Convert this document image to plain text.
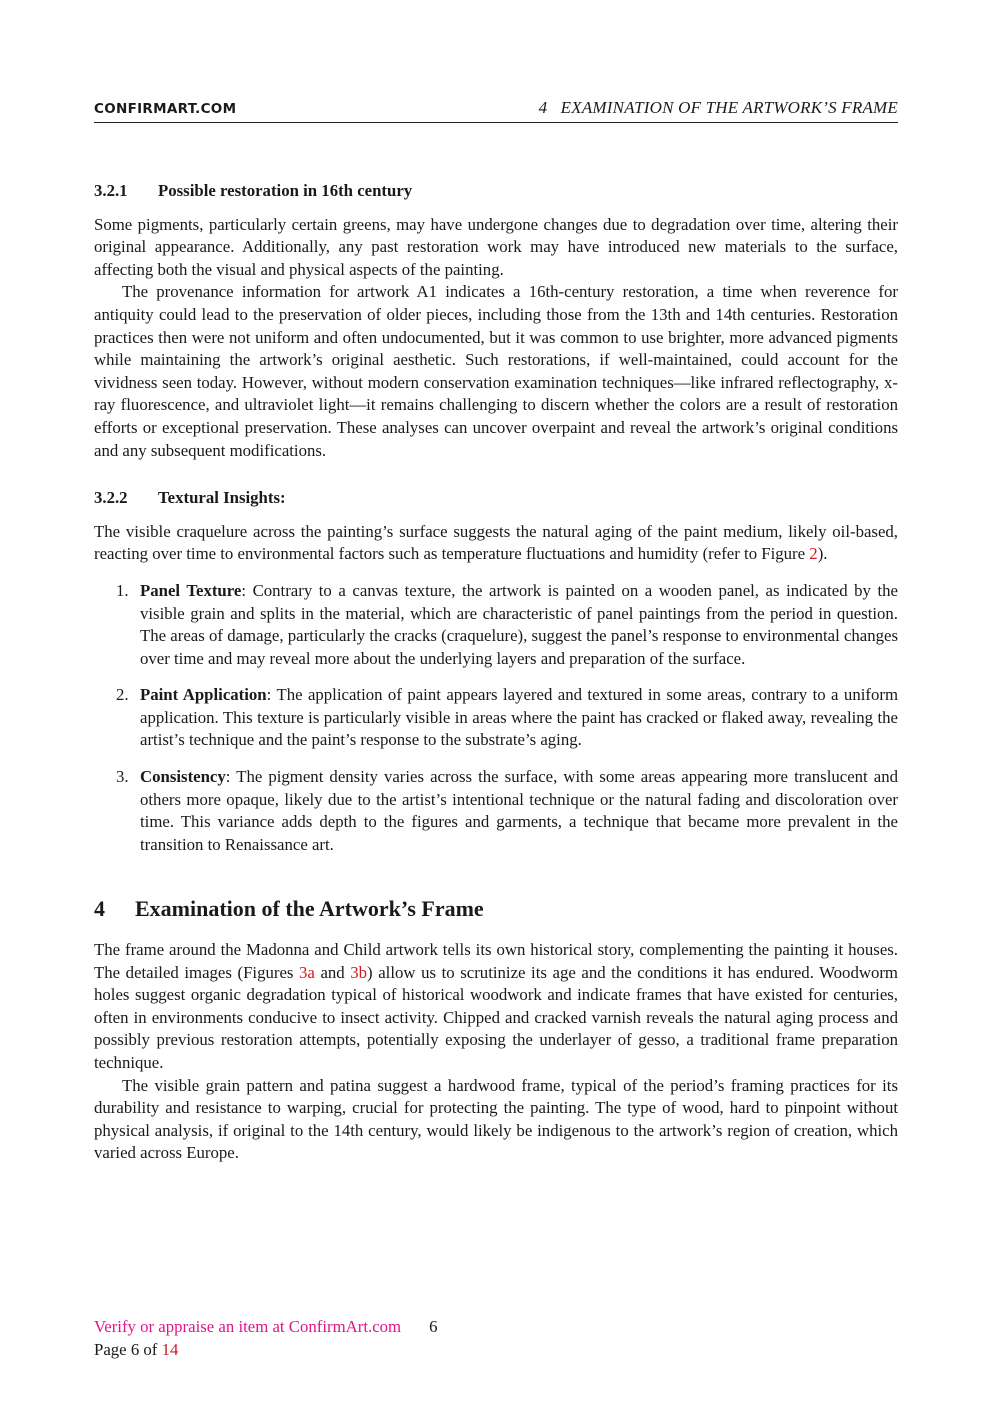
CONFIRMART.COM	4   EXAMINATION OF THE ARTWORK’S FRAME
3.2.1 Possible restoration in 16th century

Some pigments, particularly certain greens, may have undergone changes due to degradation over time, altering their original appearance. Additionally, any past restoration work may have introduced new materials to the surface, affecting both the visual and physical aspects of the painting.

The provenance information for artwork A1 indicates a 16th-century restoration, a time when reverence for antiquity could lead to the preservation of older pieces, including those from the 13th and 14th centuries. Restoration practices then were not uniform and often undocumented, but it was common to use brighter, more advanced pigments while maintaining the artwork’s original aesthetic. Such restorations, if well-maintained, could account for the vividness seen today. However, without modern conservation examination techniques—like infrared reflectography, x-ray fluorescence, and ultraviolet light—it remains challenging to discern whether the colors are a result of restoration efforts or exceptional preservation. These analyses can uncover overpaint and reveal the artwork’s original conditions and any subsequent modifications.

3.2.2 Textural Insights:

The visible craquelure across the painting’s surface suggests the natural aging of the paint medium, likely oil-based, reacting over time to environmental factors such as temperature fluctuations and humidity (refer to Figure 2).

1. Panel Texture: Contrary to a canvas texture, the artwork is painted on a wooden panel, as indicated by the visible grain and splits in the material, which are characteristic of panel paintings from the period in question. The areas of damage, particularly the cracks (craquelure), suggest the panel’s response to environmental changes over time and may reveal more about the underlying layers and preparation of the surface.
2. Paint Application: The application of paint appears layered and textured in some areas, contrary to a uniform application. This texture is particularly visible in areas where the paint has cracked or flaked away, revealing the artist’s technique and the paint’s response to the substrate’s aging.
3. Consistency: The pigment density varies across the surface, with some areas appearing more translucent and others more opaque, likely due to the artist’s intentional technique or the natural fading and discoloration over time. This variance adds depth to the figures and garments, a technique that became more prevalent in the transition to Renaissance art.
4 Examination of the Artwork’s Frame

The frame around the Madonna and Child artwork tells its own historical story, complementing the painting it houses. The detailed images (Figures 3a and 3b) allow us to scrutinize its age and the conditions it has endured. Woodworm holes suggest organic degradation typical of historical woodwork and indicate frames that have existed for centuries, often in environments conducive to insect activity. Chipped and cracked varnish reveals the natural aging process and possibly previous restoration attempts, potentially exposing the underlayer of gesso, a traditional frame preparation technique.

The visible grain pattern and patina suggest a hardwood frame, typical of the period’s framing practices for its durability and resistance to warping, crucial for protecting the painting. The type of wood, hard to pinpoint without physical analysis, if original to the 14th century, would likely be indigenous to the artwork’s region of creation, which varied across Europe.

Verify or appraise an item at ConfirmArt.com 6
Page 6 of 14
